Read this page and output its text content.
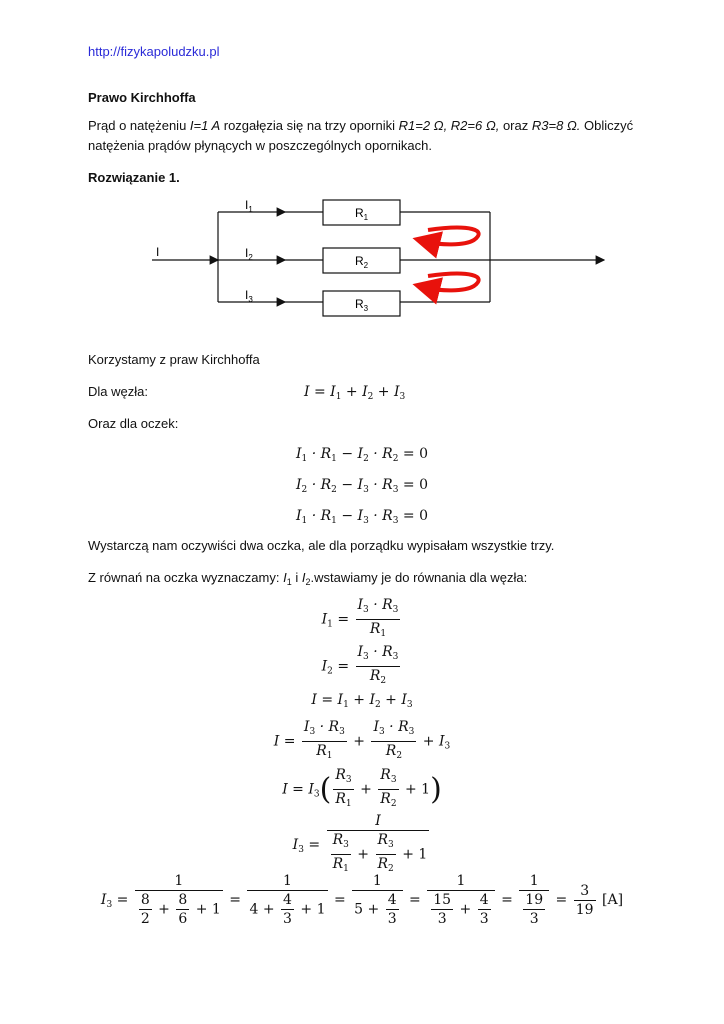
http://fizykapoludzku.pl
Prawo Kirchhoffa
Prąd o natężeniu I=1 A rozgałęzia się na trzy oporniki R1=2 Ω, R2=6 Ω, oraz R3=8 Ω. Obliczyć
natężenia prądów płynących w poszczególnych opornikach.
Rozwiązanie 1.
I
$I_1$
$I_2$
$I_3$
$R_1$
$R_2$
$R_3$
Korzystamy z praw Kirchhoffa
Dla węzła:	$I = I_1 + I_2 + I_3$
Oraz dla oczek:
$I_1 \cdot R_1 - I_2 \cdot R_2 = 0$
$I_2 \cdot R_2 - I_3 \cdot R_3 = 0$
$I_1 \cdot R_1 - I_3 \cdot R_3 = 0$
Wystarczą nam oczywiści dwa oczka, ale dla porządku wypisałam wszystkie trzy.
Z równań na oczka wyznaczamy: $I_1$ i $I_2.wstawiamy$ je do równania dla węzła:
$I_1 = \frac{I_3 \cdot R_3}{R_1}$
$I_2 = \frac{I_3 \cdot R_3}{R_2}$
$I = I_1 + I_2 + I_3$
$I = \frac{I_3 \cdot R_3}{R_1} + \frac{I_3 \cdot R_3}{R_2} + I_3$
$I = I_3( \frac{R_3}{R_1} + \frac{R_3}{R_2} + 1)$
$I_3 = \frac{I}{\frac{R_3}{R_1} + \frac{R_3}{R_2} + 1}$
$I_3 = \frac{1}{\frac{8}{2} + \frac{8}{6} + 1} = \frac{1}{4 + \frac{4}{3} + 1} = \frac{1}{5 + \frac{4}{3}} = \frac{1}{\frac{15}{3} + \frac{4}{3}} = \frac{1}{\frac{19}{3}} = \frac{3}{19} [A]$
